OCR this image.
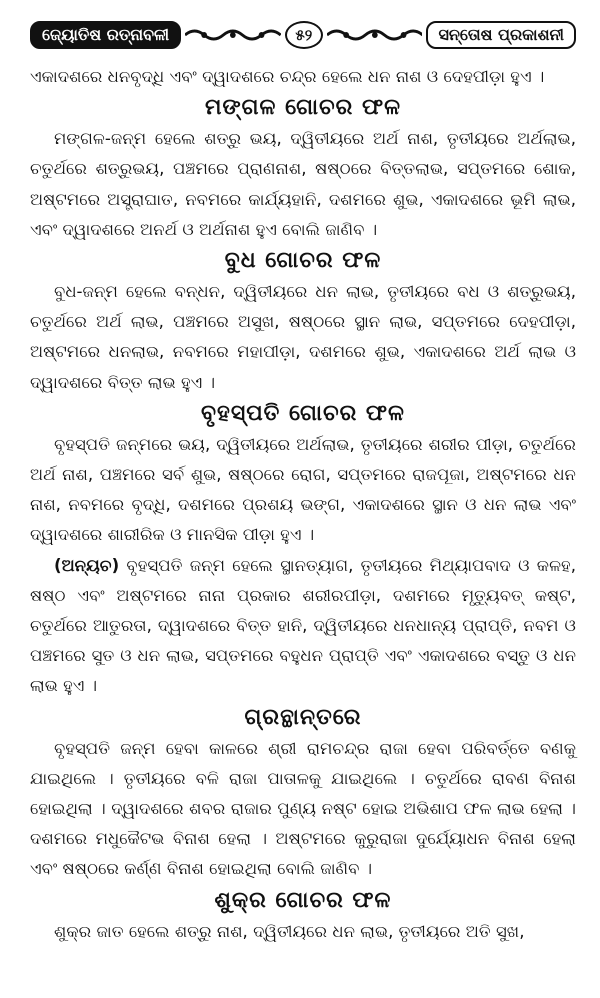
ଜ୍ୟୋତିଷ ରତ୍ନାବଳୀ	୫୨	ସନ୍ତୋଷ ପ୍ରକାଶନୀ

ଏକାଦଶରେ ଧନବୃଦ୍ଧି ଏବଂ ଦ୍ୱାଦଶରେ ଚନ୍ଦ୍ର ହେଲେ ଧନ ନାଶ ଓ ଦେହପୀଡ଼ା ହୁଏ ।

ମଙ୍ଗଳ ଗୋଚର ଫଳ

ମଙ୍ଗଳ-ଜନ୍ମ ହେଲେ ଶତ୍ରୁ ଭୟ, ଦ୍ୱିତୀୟରେ ଅର୍ଥ ନାଶ, ତୃତୀୟରେ ଅର୍ଥଲାଭ, ଚତୁର୍ଥରେ ଶତ୍ରୁଭୟ, ପଞ୍ଚମରେ ପ୍ରାଣନାଶ, ଷଷ୍ଠରେ ବିତ୍ତଲାଭ, ସପ୍ତମରେ ଶୋକ, ଅଷ୍ଟମରେ ଅସ୍ତ୍ରାଘାତ, ନବମରେ କାର୍ଯ୍ୟହାନି, ଦଶମରେ ଶୁଭ, ଏକାଦଶରେ ଭୂମି ଲାଭ, ଏବଂ ଦ୍ୱାଦଶରେ ଅନର୍ଥ ଓ ଅର୍ଥନାଶ ହୁଏ ବୋଲି ଜାଣିବ ।

ବୁଧ ଗୋଚର ଫଳ

ବୁଧ-ଜନ୍ମ ହେଲେ ବନ୍ଧନ, ଦ୍ୱିତୀୟରେ ଧନ ଲାଭ, ତୃତୀୟରେ ବଧ ଓ ଶତ୍ରୁଭୟ, ଚତୁର୍ଥରେ ଅର୍ଥ ଲାଭ, ପଞ୍ଚମରେ ଅସୁଖ, ଷଷ୍ଠରେ ସ୍ଥାନ ଲାଭ, ସପ୍ତମରେ ଦେହପୀଡ଼ା, ଅଷ୍ଟମରେ ଧନଲାଭ, ନବମରେ ମହାପୀଡ଼ା, ଦଶମରେ ଶୁଭ, ଏକାଦଶରେ ଅର୍ଥ ଲାଭ ଓ ଦ୍ୱାଦଶରେ ବିତ୍ତ ଲାଭ ହୁଏ ।

ବୃହସ୍ପତି ଗୋଚର ଫଳ

ବୃହସ୍ପତି ଜନ୍ମରେ ଭୟ, ଦ୍ୱିତୀୟରେ ଅର୍ଥଲାଭ, ତୃତୀୟରେ ଶରୀର ପୀଡ଼ା, ଚତୁର୍ଥରେ ଅର୍ଥ ନାଶ, ପଞ୍ଚମରେ ସର୍ବ ଶୁଭ, ଷଷ୍ଠରେ ରୋଗ, ସପ୍ତମରେ ରାଜପୂଜା, ଅଷ୍ଟମରେ ଧନ ନାଶ, ନବମରେ ବୃଦ୍ଧି, ଦଶମରେ ପ୍ରଶୟ ଭଙ୍ଗ, ଏକାଦଶରେ ସ୍ଥାନ ଓ ଧନ ଲାଭ ଏବଂ ଦ୍ୱାଦଶରେ ଶାରୀରିକ ଓ ମାନସିକ ପୀଡ଼ା ହୁଏ ।

(ଅନ୍ୟଚ) ବୃହସ୍ପତି ଜନ୍ମ ହେଲେ ସ୍ଥାନତ୍ୟାଗ, ତୃତୀୟରେ ମିଥ୍ୟାପବାଦ ଓ କଳହ, ଷଷ୍ଠ ଏବଂ ଅଷ୍ଟମରେ ନାନା ପ୍ରକାର ଶରୀରପୀଡ଼ା, ଦଶମରେ ମୃତ୍ୟୁବତ୍ କଷ୍ଟ, ଚତୁର୍ଥରେ ଆତୁରତା, ଦ୍ୱାଦଶରେ ବିତ୍ତ ହାନି, ଦ୍ୱିତୀୟରେ ଧନଧାନ୍ୟ ପ୍ରାପ୍ତି, ନବମ ଓ ପଞ୍ଚମରେ ସୁତ ଓ ଧନ ଲାଭ, ସପ୍ତମରେ ବହୁଧନ ପ୍ରାପ୍ତି ଏବଂ ଏକାଦଶରେ ବସ୍ତୁ ଓ ଧନ ଲାଭ ହୁଏ ।

ଗ୍ରନ୍ଥାନ୍ତରେ

ବୃହସ୍ପତି ଜନ୍ମ ହେବା କାଳରେ ଶ୍ରୀ ରାମଚନ୍ଦ୍ର ରାଜା ହେବା ପରିବର୍ତ୍ତେ ବଣକୁ ଯାଇଥିଲେ । ତୃତୀୟରେ ବଳି ରାଜା ପାତାଳକୁ ଯାଇଥିଲେ । ଚତୁର୍ଥରେ ରାବଣ ବିନାଶ ହୋଇଥିଲା । ଦ୍ୱାଦଶରେ ଶବର ରାଜାର ପୁଣ୍ୟ ନଷ୍ଟ ହୋଇ ଅଭିଶାପ ଫଳ ଲାଭ ହେଲା । ଦଶମରେ ମଧୁକୈଟଭ ବିନାଶ ହେଲା । ଅଷ୍ଟମରେ କୁରୁରାଜା ଦୁର୍ଯ୍ୟୋଧନ ବିନାଶ ହେଲା ଏବଂ ଷଷ୍ଠରେ କର୍ଣ୍ଣ ବିନାଶ ହୋଇଥିଲା ବୋଲି ଜାଣିବ ।

ଶୁକ୍ର ଗୋଚର ଫଳ

ଶୁକ୍ର ଜାତ ହେଲେ ଶତ୍ରୁ ନାଶ, ଦ୍ୱିତୀୟରେ ଧନ ଲାଭ, ତୃତୀୟରେ ଅତି ସୁଖ,
